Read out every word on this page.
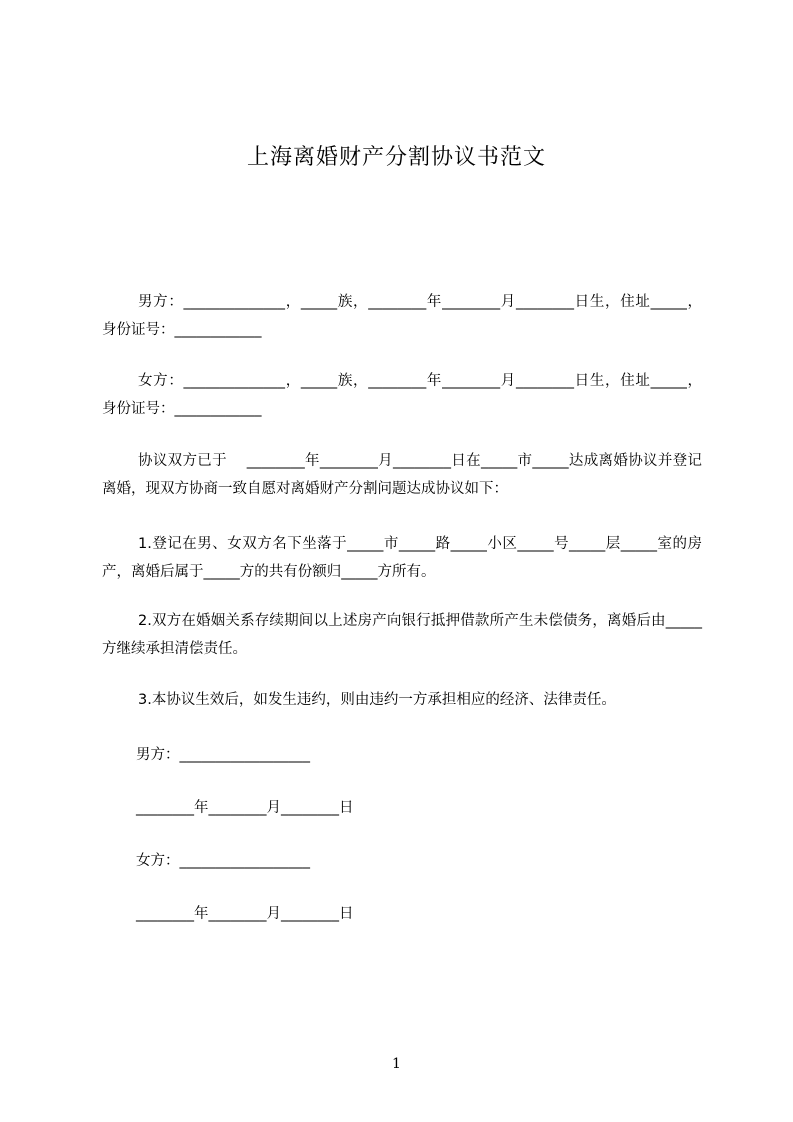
上海离婚财产分割协议书范文

男方：______________，_____族，________年________月________日生，住址_____，身份证号：____________

女方：______________，_____族，________年________月________日生，住址_____，身份证号：____________

协议双方已于　 ________年________月________日在_____市_____达成离婚协议并登记离婚，现双方协商一致自愿对离婚财产分割问题达成协议如下：

1.登记在男、女双方名下坐落于_____市_____路_____小区_____号_____层_____室的房产，离婚后属于_____方的共有份额归_____方所有。

2.双方在婚姻关系存续期间以上述房产向银行抵押借款所产生未偿债务，离婚后由_____方继续承担清偿责任。

3.本协议生效后，如发生违约，则由违约一方承担相应的经济、法律责任。

男方：__________________

________年________月________日

女方：__________________

________年________月________日

1
